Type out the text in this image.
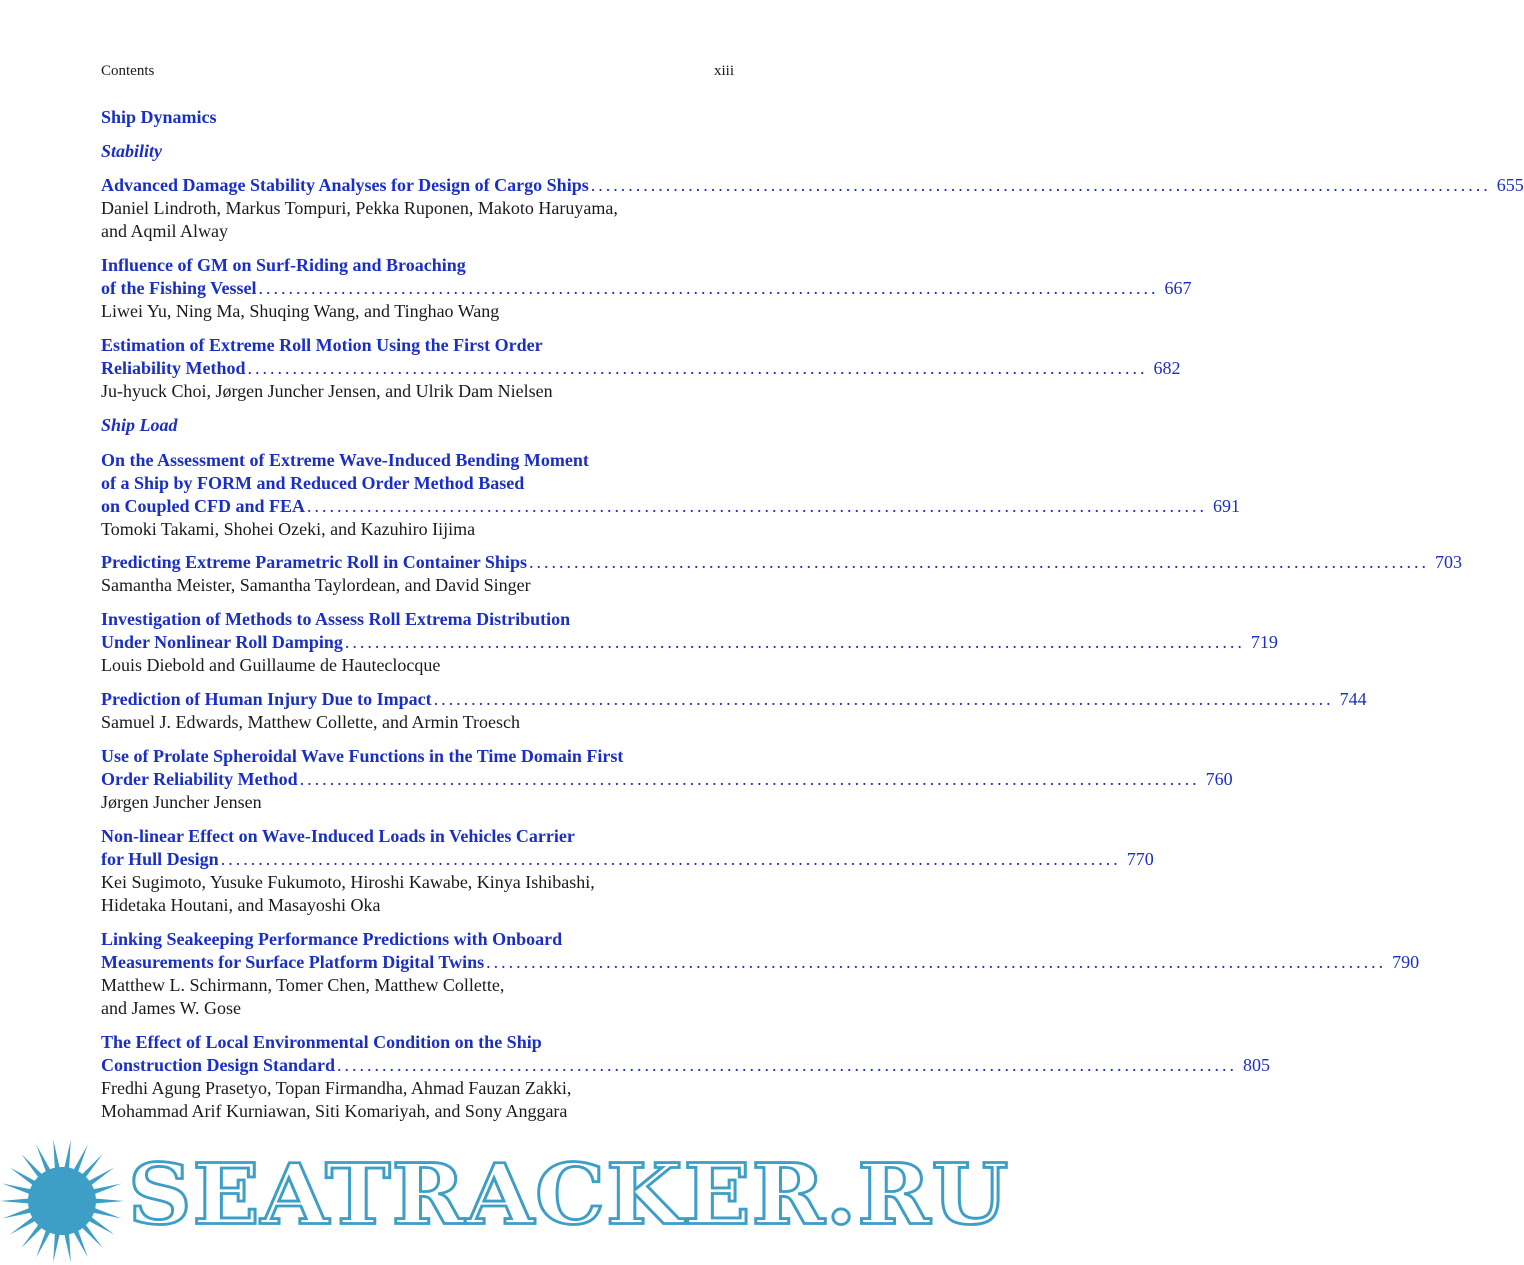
Contents	xiii
Ship Dynamics
Stability
Ship Load
Advanced Damage Stability Analyses for Design of Cargo Ships ........................................................................................................................ 655
Daniel Lindroth, Markus Tompuri, Pekka Ruponen, Makoto Haruyama,
and Aqmil Alway
Influence of GM on Surf-Riding and Broaching
of the Fishing Vessel ........................................................................................................................ 667
Liwei Yu, Ning Ma, Shuqing Wang, and Tinghao Wang
Estimation of Extreme Roll Motion Using the First Order
Reliability Method ........................................................................................................................ 682
Ju-hyuck Choi, Jørgen Juncher Jensen, and Ulrik Dam Nielsen
On the Assessment of Extreme Wave-Induced Bending Moment
of a Ship by FORM and Reduced Order Method Based
on Coupled CFD and FEA ........................................................................................................................ 691
Tomoki Takami, Shohei Ozeki, and Kazuhiro Iijima
Predicting Extreme Parametric Roll in Container Ships ........................................................................................................................ 703
Samantha Meister, Samantha Taylordean, and David Singer
Investigation of Methods to Assess Roll Extrema Distribution
Under Nonlinear Roll Damping ........................................................................................................................ 719
Louis Diebold and Guillaume de Hauteclocque
Prediction of Human Injury Due to Impact ........................................................................................................................ 744
Samuel J. Edwards, Matthew Collette, and Armin Troesch
Use of Prolate Spheroidal Wave Functions in the Time Domain First
Order Reliability Method ........................................................................................................................ 760
Jørgen Juncher Jensen
Non-linear Effect on Wave-Induced Loads in Vehicles Carrier
for Hull Design ........................................................................................................................ 770
Kei Sugimoto, Yusuke Fukumoto, Hiroshi Kawabe, Kinya Ishibashi,
Hidetaka Houtani, and Masayoshi Oka
Linking Seakeeping Performance Predictions with Onboard
Measurements for Surface Platform Digital Twins ........................................................................................................................ 790
Matthew L. Schirmann, Tomer Chen, Matthew Collette,
and James W. Gose
The Effect of Local Environmental Condition on the Ship
Construction Design Standard ........................................................................................................................ 805
Fredhi Agung Prasetyo, Topan Firmandha, Ahmad Fauzan Zakki,
Mohammad Arif Kurniawan, Siti Komariyah, and Sony Anggara
SEATRACKER.RU
